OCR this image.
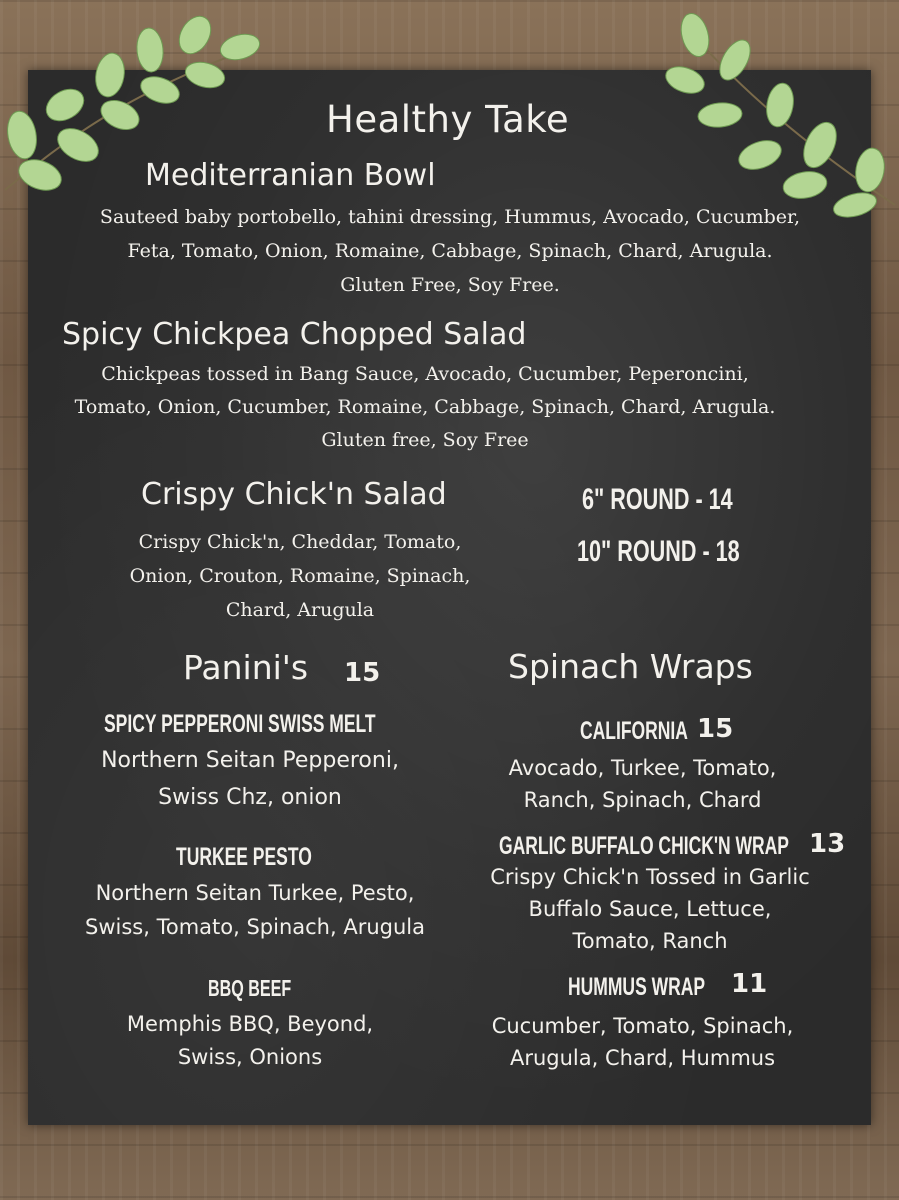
Healthy Take
Mediterranian Bowl
Sauteed baby portobello, tahini dressing, Hummus, Avocado, Cucumber,
Feta, Tomato, Onion, Romaine, Cabbage, Spinach, Chard, Arugula.
Gluten Free, Soy Free.
Spicy Chickpea Chopped Salad
Chickpeas tossed in Bang Sauce, Avocado, Cucumber, Peperoncini,
Tomato, Onion, Cucumber, Romaine, Cabbage, Spinach, Chard, Arugula.
Gluten free, Soy Free
Crispy Chick'n Salad
Crispy Chick'n, Cheddar, Tomato,
Onion, Crouton, Romaine, Spinach,
Chard, Arugula
6" ROUND - 14
10" ROUND - 18
Panini's 15
SPICY PEPPERONI SWISS MELT
Northern Seitan Pepperoni,
Swiss Chz, onion
TURKEE PESTO
Northern Seitan Turkee, Pesto,
Swiss, Tomato, Spinach, Arugula
BBQ BEEF
Memphis BBQ, Beyond,
Swiss, Onions
Spinach Wraps
CALIFORNIA 15
Avocado, Turkee, Tomato,
Ranch, Spinach, Chard
GARLIC BUFFALO CHICK'N WRAP 13
Crispy Chick'n Tossed in Garlic
Buffalo Sauce, Lettuce,
Tomato, Ranch
HUMMUS WRAP 11
Cucumber, Tomato, Spinach,
Arugula, Chard, Hummus
